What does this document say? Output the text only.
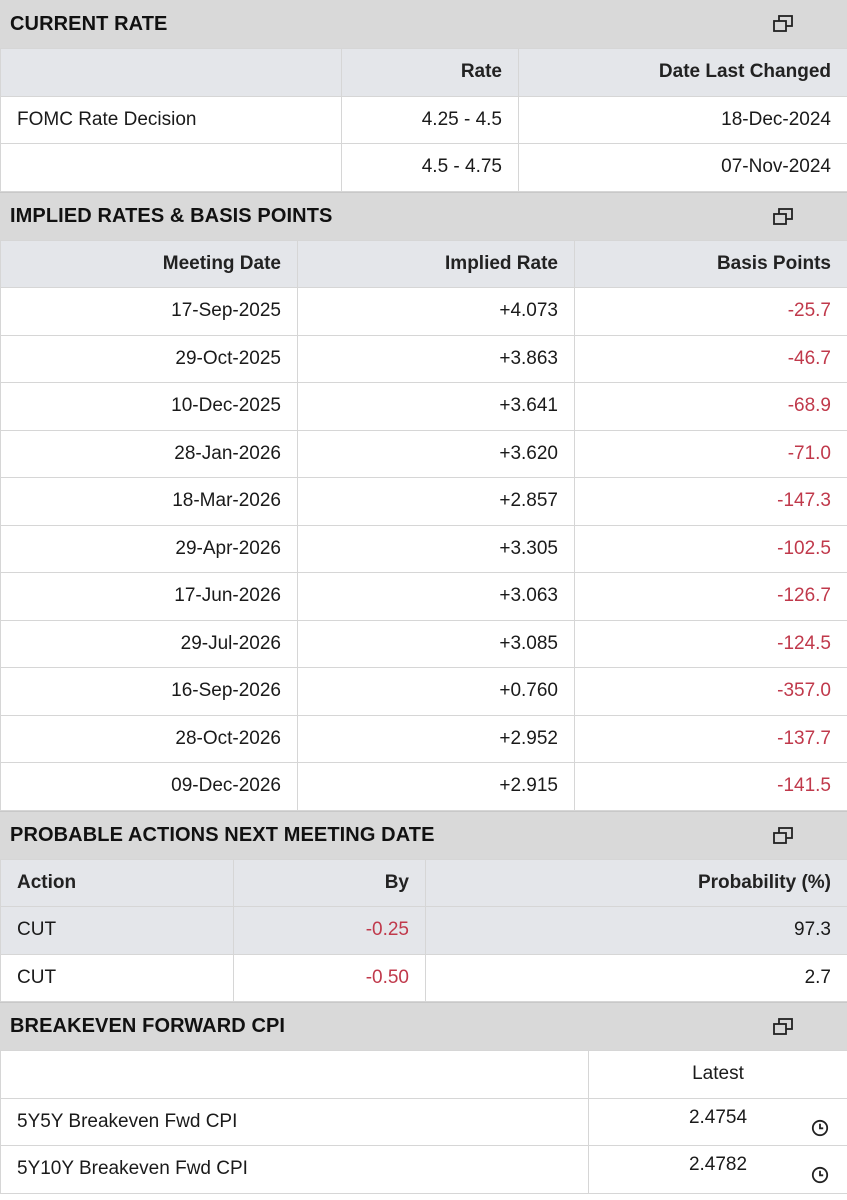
CURRENT RATE
	Rate	Date Last Changed
FOMC Rate Decision	4.25 - 4.5	18-Dec-2024
	4.5 - 4.75	07-Nov-2024
IMPLIED RATES & BASIS POINTS
Meeting Date	Implied Rate	Basis Points
17-Sep-2025	+4.073	-25.7
29-Oct-2025	+3.863	-46.7
10-Dec-2025	+3.641	-68.9
28-Jan-2026	+3.620	-71.0
18-Mar-2026	+2.857	-147.3
29-Apr-2026	+3.305	-102.5
17-Jun-2026	+3.063	-126.7
29-Jul-2026	+3.085	-124.5
16-Sep-2026	+0.760	-357.0
28-Oct-2026	+2.952	-137.7
09-Dec-2026	+2.915	-141.5
PROBABLE ACTIONS NEXT MEETING DATE
Action	By	Probability (%)
CUT	-0.25	97.3
CUT	-0.50	2.7
BREAKEVEN FORWARD CPI
	Latest
5Y5Y Breakeven Fwd CPI	2.4754

5Y10Y Breakeven Fwd CPI	2.4782
